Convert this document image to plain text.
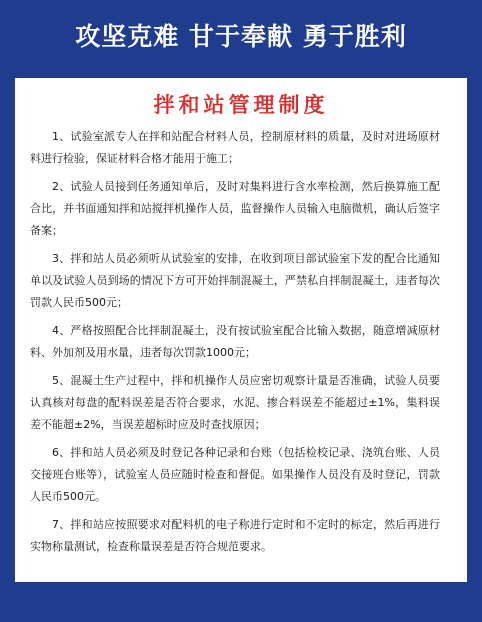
攻坚克难 甘于奉献 勇于胜利
拌和站管理制度
1、试验室派专人在拌和站配合材料人员，控制原材料的质量，及时对进场原材料进行检验，保证材料合格才能用于施工；
2、试验人员接到任务通知单后，及时对集料进行含水率检测，然后换算施工配合比，并书面通知拌和站搅拌机操作人员，监督操作人员输入电脑微机，确认后签字备案；
3、拌和站人员必须听从试验室的安排，在收到项目部试验室下发的配合比通知单以及试验人员到场的情况下方可开始拌制混凝土，严禁私自拌制混凝土，违者每次罚款人民币500元；
4、严格按照配合比拌制混凝土，没有按试验室配合比输入数据，随意增减原材料、外加剂及用水量，违者每次罚款1000元；
5、混凝土生产过程中，拌和机操作人员应密切观察计量是否准确，试验人员要认真核对每盘的配料误差是否符合要求，水泥、掺合料误差不能超过±1%，集料误差不能超±2%，当误差超标时应及时查找原因；
6、拌和站人员必须及时登记各种记录和台账（包括检校记录、浇筑台账、人员交接班台账等），试验室人员应随时检查和督促。如果操作人员没有及时登记，罚款人民币500元。
7、拌和站应按照要求对配料机的电子称进行定时和不定时的标定，然后再进行实物称量测试，检查称量误差是否符合规范要求。
